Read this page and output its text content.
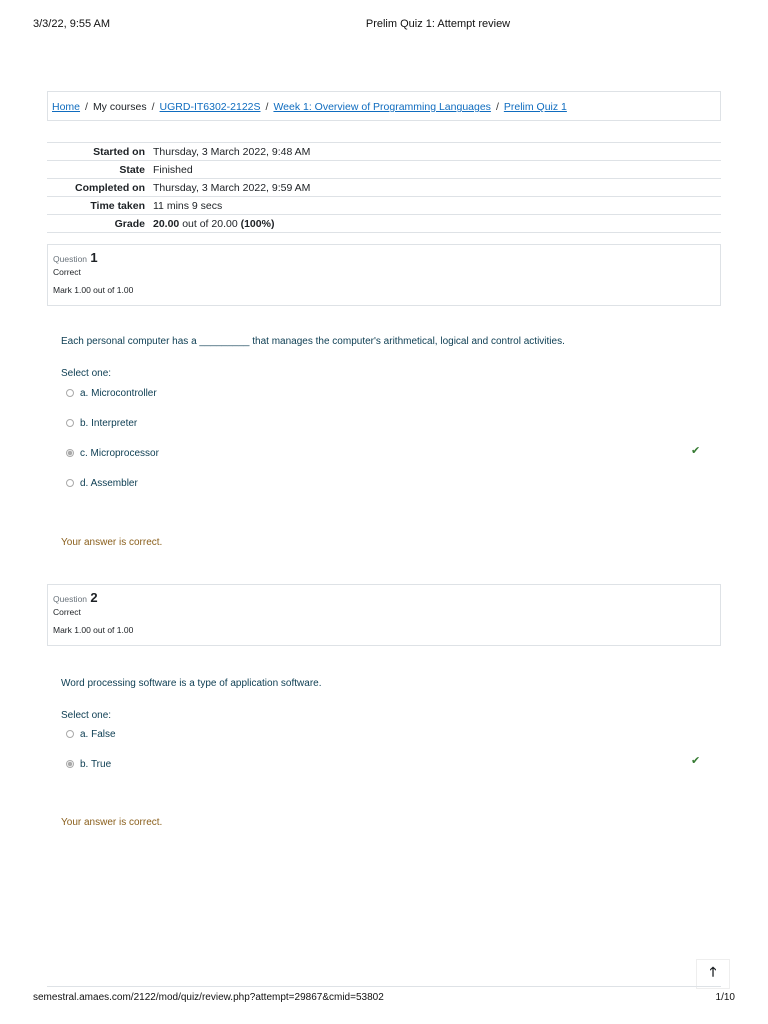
3/3/22, 9:55 AM	Prelim Quiz 1: Attempt review
Home / My courses / UGRD-IT6302-2122S / Week 1: Overview of Programming Languages / Prelim Quiz 1
Started on	Thursday, 3 March 2022, 9:48 AM
State	Finished
Completed on	Thursday, 3 March 2022, 9:59 AM
Time taken	11 mins 9 secs
Grade	20.00 out of 20.00 (100%)
Question 1
Correct
Mark 1.00 out of 1.00
Each personal computer has a _________ that manages the computer's arithmetical, logical and control activities.
Select one:
a. Microcontroller
b. Interpreter
c. Microprocessor	✔
d. Assembler
Your answer is correct.
Question 2
Correct
Mark 1.00 out of 1.00
Word processing software is a type of application software.
Select one:
a. False
b. True	✔
Your answer is correct.
🡑
semestral.amaes.com/2122/mod/quiz/review.php?attempt=29867&cmid=53802	1/10
